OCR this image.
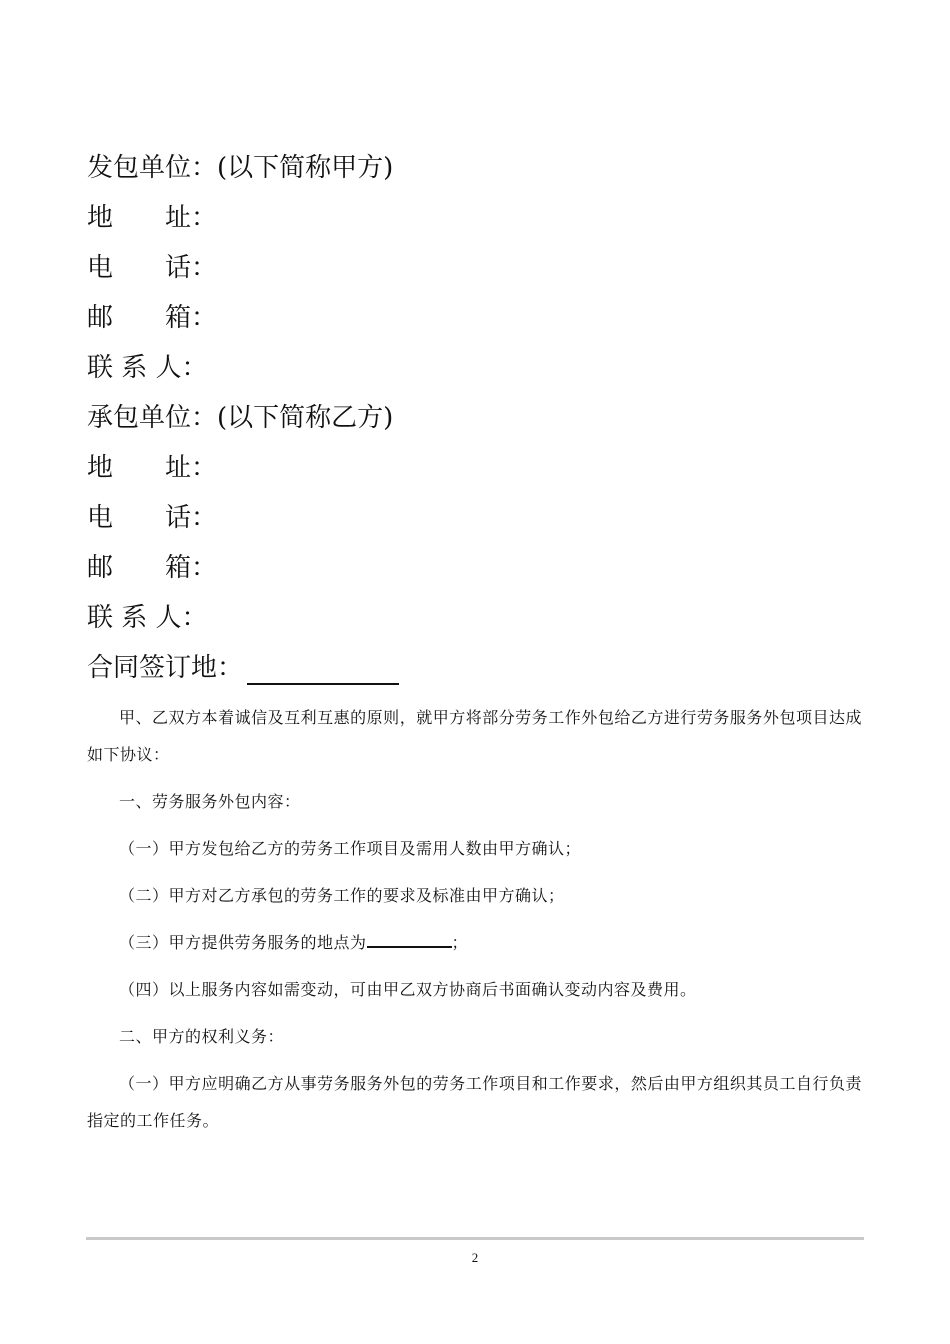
发包单位：(以下简称甲方)
地　　址：
电　　话：
邮　　箱：
联 系 人：
承包单位：(以下简称乙方)
地　　址：
电　　话：
邮　　箱：
联 系 人：
合同签订地：
甲、乙双方本着诚信及互利互惠的原则，就甲方将部分劳务工作外包给乙方进行劳务服务外包项目达成如下协议：
一、劳务服务外包内容：
（一）甲方发包给乙方的劳务工作项目及需用人数由甲方确认；
（二）甲方对乙方承包的劳务工作的要求及标准由甲方确认；
（三）甲方提供劳务服务的地点为	；
（四）以上服务内容如需变动，可由甲乙双方协商后书面确认变动内容及费用。
二、甲方的权利义务：
（一）甲方应明确乙方从事劳务服务外包的劳务工作项目和工作要求，然后由甲方组织其员工自行负责指定的工作任务。
2
